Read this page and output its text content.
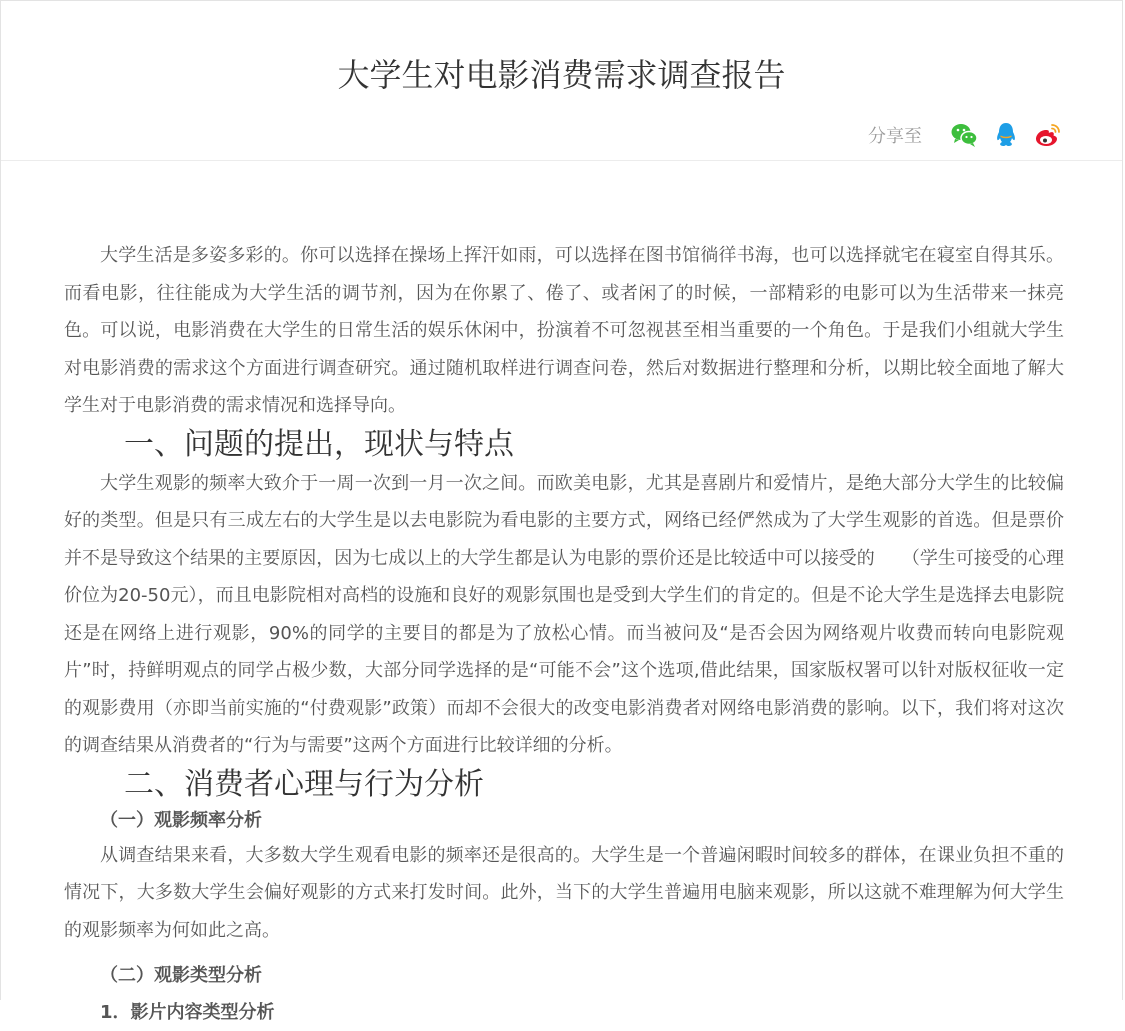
大学生对电影消费需求调查报告
分享至

大学生活是多姿多彩的。你可以选择在操场上挥汗如雨，可以选择在图书馆徜徉书海，也可以选择就宅在寝室自得其乐。而看电影，往往能成为大学生活的调节剂，因为在你累了、倦了、或者闲了的时候，一部精彩的电影可以为生活带来一抹亮色。可以说，电影消费在大学生的日常生活的娱乐休闲中，扮演着不可忽视甚至相当重要的一个角色。于是我们小组就大学生对电影消费的需求这个方面进行调查研究。通过随机取样进行调查问卷，然后对数据进行整理和分析，以期比较全面地了解大学生对于电影消费的需求情况和选择导向。

一、问题的提出，现状与特点

大学生观影的频率大致介于一周一次到一月一次之间。而欧美电影，尤其是喜剧片和爱情片，是绝大部分大学生的比较偏好的类型。但是只有三成左右的大学生是以去电影院为看电影的主要方式，网络已经俨然成为了大学生观影的首选。但是票价并不是导致这个结果的主要原因，因为七成以上的大学生都是认为电影的票价还是比较适中可以接受的　　（学生可接受的心理价位为20-50元），而且电影院相对高档的设施和良好的观影氛围也是受到大学生们的肯定的。但是不论大学生是选择去电影院还是在网络上进行观影，90%的同学的主要目的都是为了放松心情。而当被问及“是否会因为网络观片收费而转向电影院观片”时，持鲜明观点的同学占极少数，大部分同学选择的是“可能不会”这个选项,借此结果，国家版权署可以针对版权征收一定的观影费用（亦即当前实施的“付费观影”政策）而却不会很大的改变电影消费者对网络电影消费的影响。以下，我们将对这次的调查结果从消费者的“行为与需要”这两个方面进行比较详细的分析。

二、消费者心理与行为分析
（一）观影频率分析

从调查结果来看，大多数大学生观看电影的频率还是很高的。大学生是一个普遍闲暇时间较多的群体，在课业负担不重的情况下，大多数大学生会偏好观影的方式来打发时间。此外，当下的大学生普遍用电脑来观影，所以这就不难理解为何大学生的观影频率为何如此之高。

（二）观影类型分析
1．影片内容类型分析
